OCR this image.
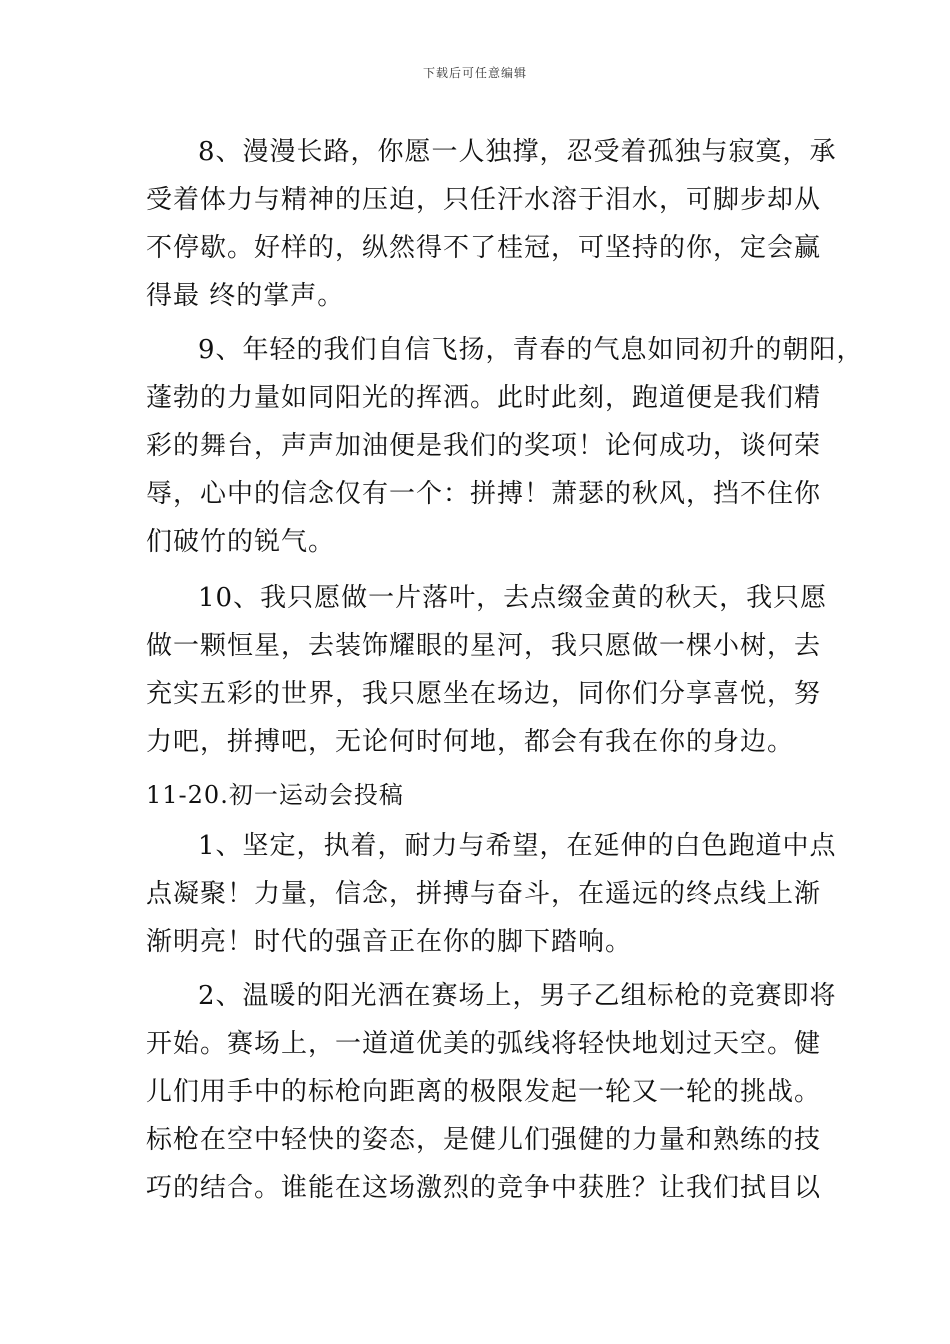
下载后可任意编辑
8、漫漫长路，你愿一人独撑，忍受着孤独与寂寞，承
受着体力与精神的压迫，只任汗水溶于泪水，可脚步却从
不停歇。好样的，纵然得不了桂冠，可坚持的你，定会赢
得最 终的掌声。
9、年轻的我们自信飞扬，青春的气息如同初升的朝阳，
蓬勃的力量如同阳光的挥洒。此时此刻，跑道便是我们精
彩的舞台，声声加油便是我们的奖项！论何成功，谈何荣
辱，心中的信念仅有一个：拼搏！萧瑟的秋风，挡不住你
们破竹的锐气。
10、我只愿做一片落叶，去点缀金黄的秋天，我只愿
做一颗恒星，去装饰耀眼的星河，我只愿做一棵小树，去
充实五彩的世界，我只愿坐在场边，同你们分享喜悦，努
力吧，拼搏吧，无论何时何地，都会有我在你的身边。
11-20.初一运动会投稿
1、坚定，执着，耐力与希望，在延伸的白色跑道中点
点凝聚！力量，信念，拼搏与奋斗，在遥远的终点线上渐
渐明亮！时代的强音正在你的脚下踏响。
2、温暖的阳光洒在赛场上，男子乙组标枪的竞赛即将
开始。赛场上，一道道优美的弧线将轻快地划过天空。健
儿们用手中的标枪向距离的极限发起一轮又一轮的挑战。
标枪在空中轻快的姿态，是健儿们强健的力量和熟练的技
巧的结合。谁能在这场激烈的竞争中获胜？让我们拭目以
